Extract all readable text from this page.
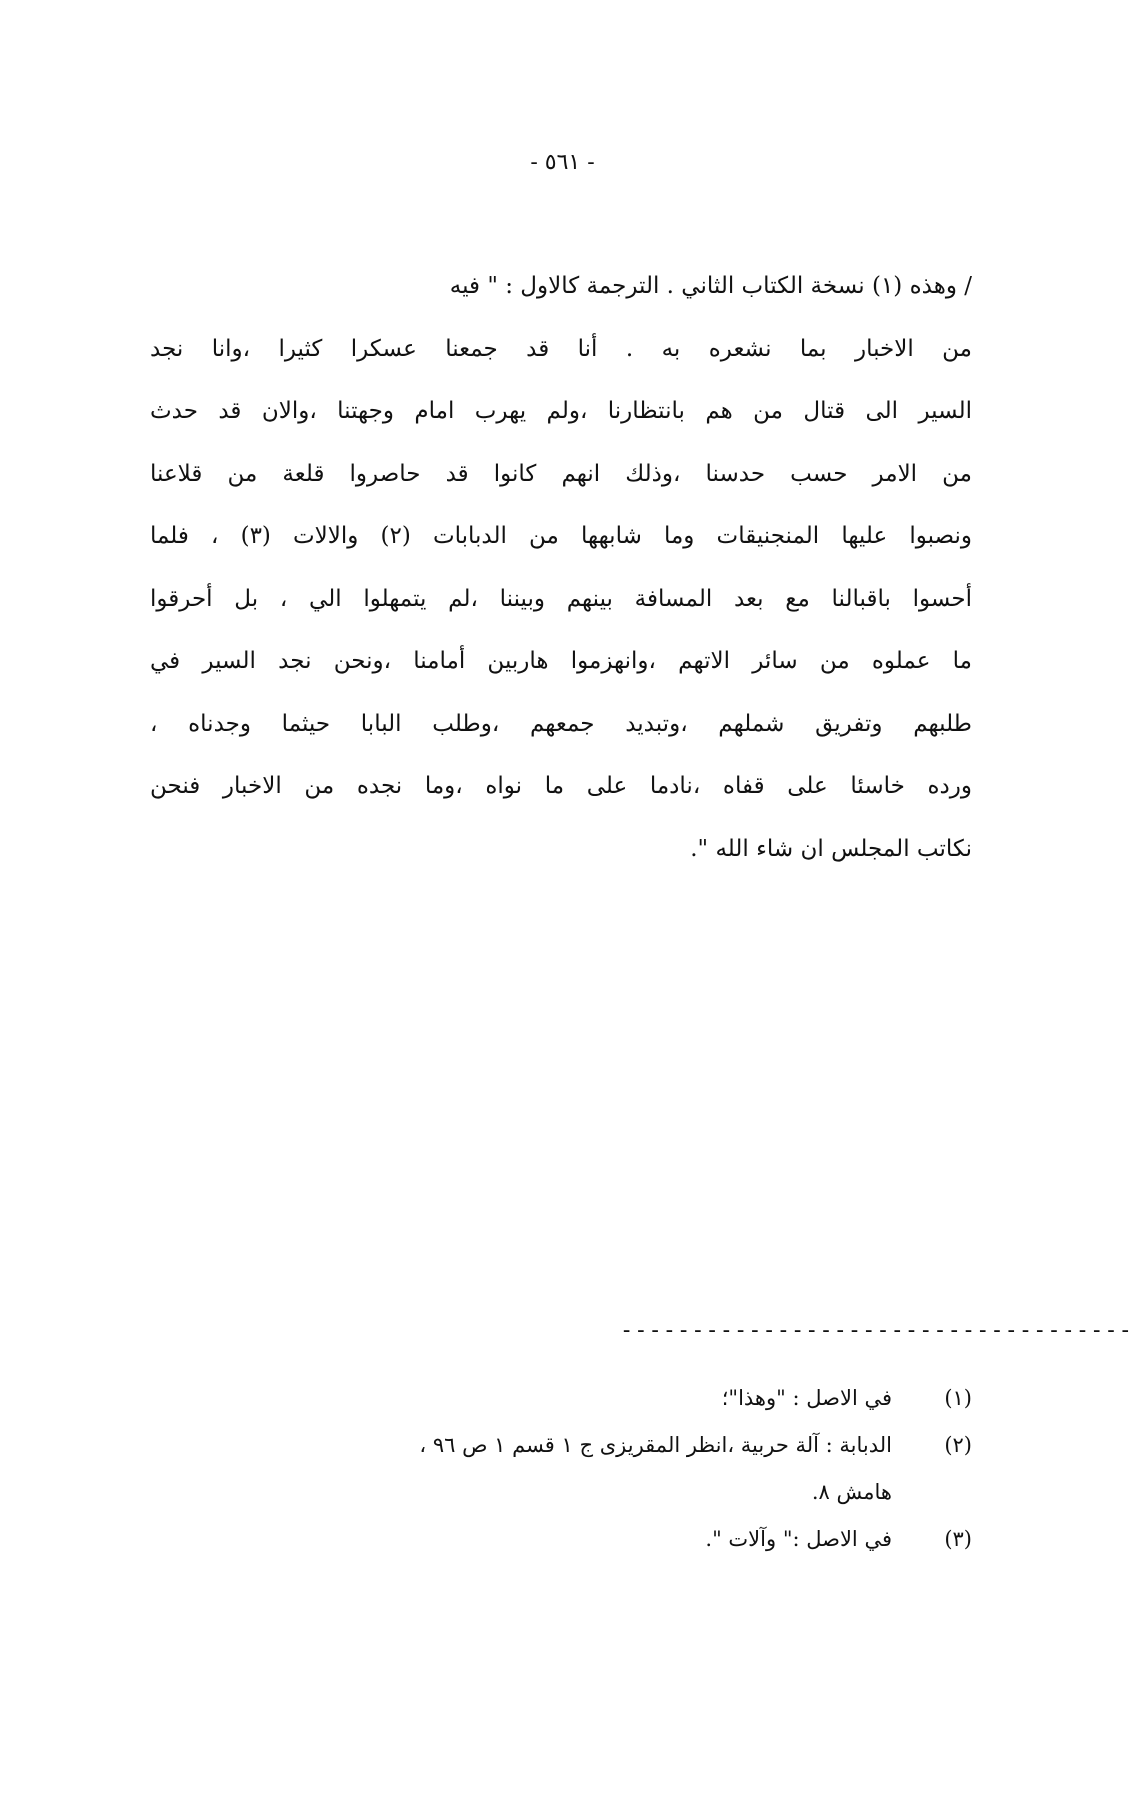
- ٥٦١ -
/ وهذه (١) نسخة الكتاب الثاني . الترجمة كالاول : " فيه
من الاخبار بما نشعره به . أنا قد جمعنا عسكرا كثيرا ،وانا نجد
السير الى قتال من هم بانتظارنا ،ولم يهرب امام وجهتنا ،والان قد حدث
من الامر حسب حدسنا ،وذلك انهم كانوا قد حاصروا قلعة من قلاعنا
ونصبوا عليها المنجنيقات وما شابهها من الدبابات (٢) والالات (٣) ، فلما
أحسوا باقبالنا مع بعد المسافة بينهم وبيننا ،لم يتمهلوا الي ، بل أحرقوا
ما عملوه من سائر الاتهم ،وانهزموا هاربين أمامنا ،ونحن نجد السير في
طلبهم وتفريق شملهم ،وتبديد جمعهم ،وطلب البابا حيثما وجدناه ،
ورده خاسئا على قفاه ،نادما على ما نواه ،وما نجده من الاخبار فنحن
نكاتب المجلس ان شاء الله ".
------------------------------------
(١)
في الاصل : "وهذا"؛
(٢)
الدبابة : آلة حربية ،انظر المقريزى ج ١ قسم ١ ص ٩٦ ،
هامش ٨.
(٣)
في الاصل :" وآلات ".
